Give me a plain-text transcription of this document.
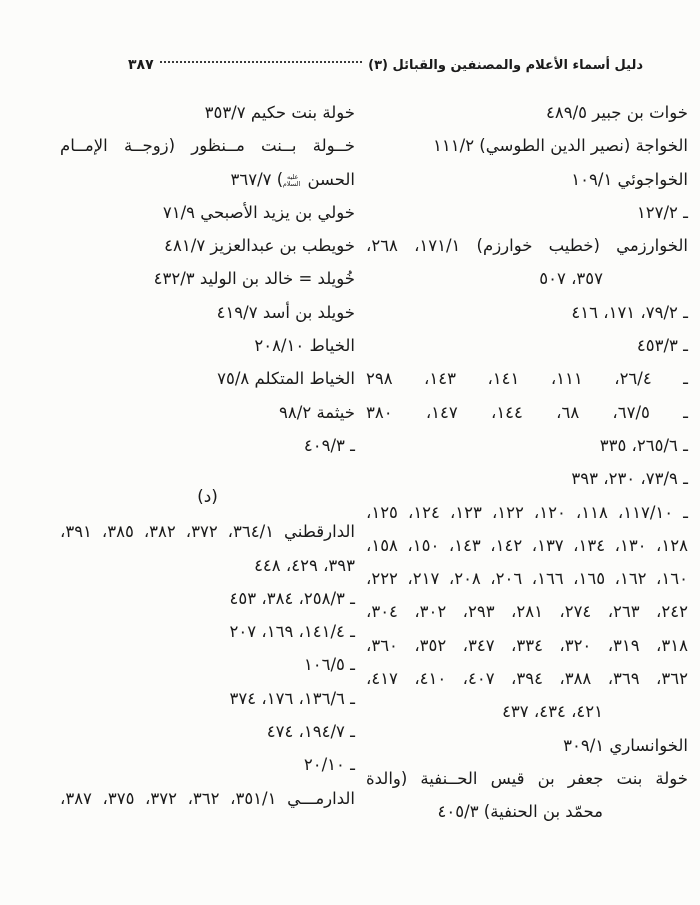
دليل أسماء الأعلام والمصنفين والقبائل (٣)
٣٨٧
خوات بن جبير ٤٨٩/٥
الخواجة (نصير الدين الطوسي) ١١١/٢
الخواجوئي ١٠٩/١
ـ ١٢٧/٢
الخوارزمي (خطيب خوارزم) ١٧١/١، ٢٦٨،
٣٥٧، ٥٠٧
ـ ٧٩/٢، ١٧١، ٤١٦
ـ ٤٥٣/٣
ـ ٢٦/٤، ١١١، ١٤١، ١٤٣، ٢٩٨
ـ ٦٧/٥، ٦٨، ١٤٤، ١٤٧، ٣٨٠
ـ ٢٦٥/٦، ٣٣٥
ـ ٧٣/٩، ٢٣٠، ٣٩٣
ـ ١١٧/١٠، ١١٨، ١٢٠، ١٢٢، ١٢٣، ١٢٤، ١٢٥،
١٢٨، ١٣٠، ١٣٤، ١٣٧، ١٤٢، ١٤٣، ١٥٠، ١٥٨،
١٦٠، ١٦٢، ١٦٥، ١٦٦، ٢٠٦، ٢٠٨، ٢١٧، ٢٢٢،
٢٤٢، ٢٦٣، ٢٧٤، ٢٨١، ٢٩٣، ٣٠٢، ٣٠٤،
٣١٨، ٣١٩، ٣٢٠، ٣٣٤، ٣٤٧، ٣٥٢، ٣٦٠،
٣٦٢، ٣٦٩، ٣٨٨، ٣٩٤، ٤٠٧، ٤١٠، ٤١٧،
٤٢١، ٤٣٤، ٤٣٧
الخوانساري ٣٠٩/١
خولة بنت جعفر بن قيس الحــنفية (والدة
محمّد بن الحنفية) ٤٠٥/٣
خولة بنت حكيم ٣٥٣/٧
خــولة بــنت مــنظور (زوجــة الإمــام
الحسن عليه السلام) ٣٦٧/٧
خولي بن يزيد الأصبحي ٧١/٩
خويطب بن عبدالعزيز ٤٨١/٧
خُويلد = خالد بن الوليد ٤٣٢/٣
خويلد بن أسد ٤١٩/٧
الخياط ٢٠٨/١٠
الخياط المتكلم ٧٥/٨
خيثمة ٩٨/٢
ـ ٤٠٩/٣
(د)
الدارقطني ٣٦٤/١، ٣٧٢، ٣٨٢، ٣٨٥، ٣٩١،
٣٩٣، ٤٢٩، ٤٤٨
ـ ٢٥٨/٣، ٣٨٤، ٤٥٣
ـ ١٤١/٤، ١٦٩، ٢٠٧
ـ ١٠٦/٥
ـ ١٣٦/٦، ١٧٦، ٣٧٤
ـ ١٩٤/٧، ٤٧٤
ـ ٢٠/١٠
الدارمـــي ٣٥١/١، ٣٦٢، ٣٧٢، ٣٧٥، ٣٨٧،
